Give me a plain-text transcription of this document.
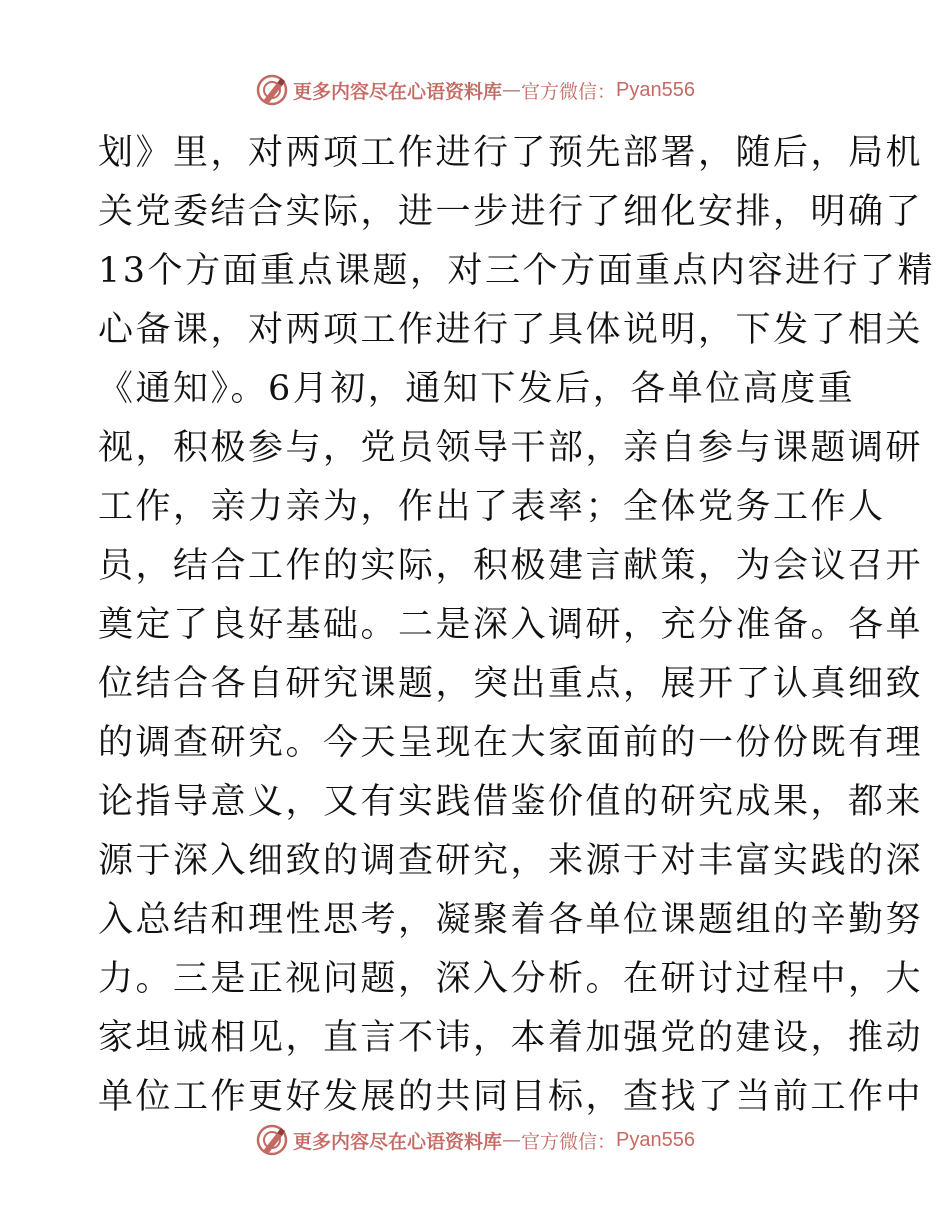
更多内容尽在心语资料库 — 官方微信： Pyan556
划》里，对两项工作进行了预先部署，随后，局机
关党委结合实际，进一步进行了细化安排，明确了
13个方面重点课题，对三个方面重点内容进行了精
心备课，对两项工作进行了具体说明，下发了相关
《通知》。6月初，通知下发后，各单位高度重
视，积极参与，党员领导干部，亲自参与课题调研
工作，亲力亲为，作出了表率；全体党务工作人
员，结合工作的实际，积极建言献策，为会议召开
奠定了良好基础。二是深入调研，充分准备。各单
位结合各自研究课题，突出重点，展开了认真细致
的调查研究。今天呈现在大家面前的一份份既有理
论指导意义，又有实践借鉴价值的研究成果，都来
源于深入细致的调查研究，来源于对丰富实践的深
入总结和理性思考，凝聚着各单位课题组的辛勤努
力。三是正视问题，深入分析。在研讨过程中，大
家坦诚相见，直言不讳，本着加强党的建设，推动
单位工作更好发展的共同目标，查找了当前工作中
更多内容尽在心语资料库 — 官方微信： Pyan556
